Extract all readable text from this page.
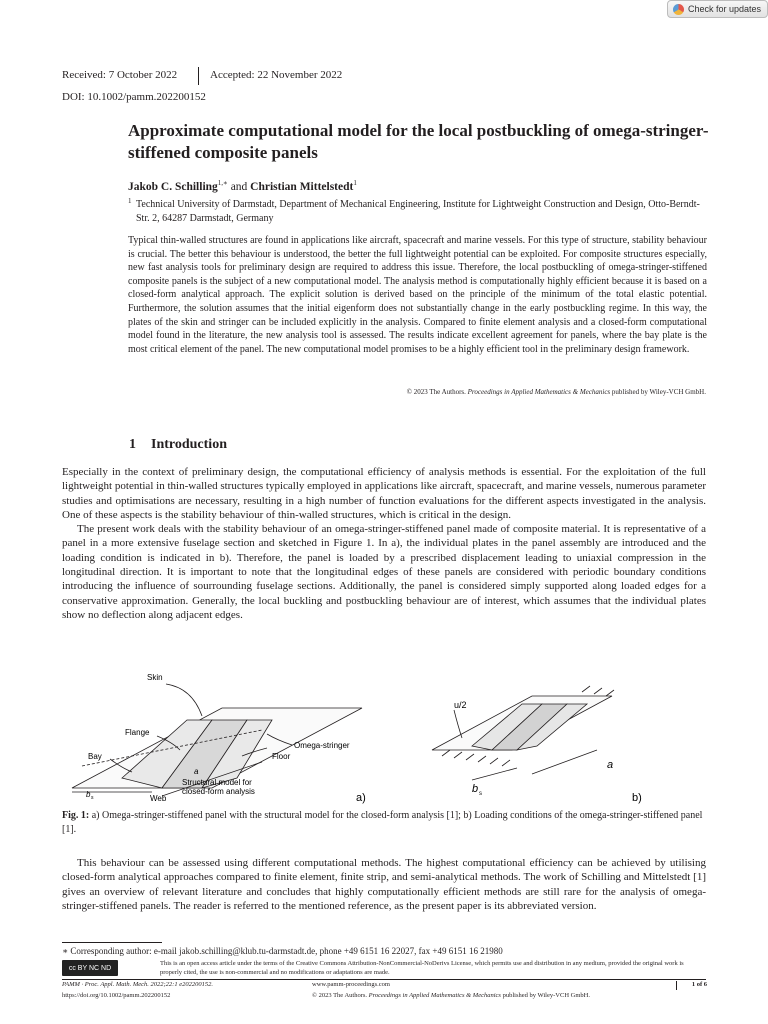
Check for updates
Received: 7 October 2022	Accepted: 22 November 2022
DOI: 10.1002/pamm.202200152
Approximate computational model for the local postbuckling of omega-stringer-stiffened composite panels
Jakob C. Schilling$^{1,∗}$ and Christian Mittelstedt$^1$
1 Technical University of Darmstadt, Department of Mechanical Engineering, Institute for Lightweight Construction and Design, Otto-Berndt-Str. 2, 64287 Darmstadt, Germany
Typical thin-walled structures are found in applications like aircraft, spacecraft and marine vessels. For this type of structure, stability behaviour is crucial. The better this behaviour is understood, the better the full lightweight potential can be exploited. For composite structures especially, new fast analysis tools for preliminary design are required to address this issue. Therefore, the local postbuckling of omega-stringer-stiffened composite panels is the subject of a new computational model. The analysis method is computationally highly efficient because it is based on a closed-form analytical approach. The explicit solution is derived based on the principle of the minimum of the total elastic potential. Furthermore, the solution assumes that the initial eigenform does not substantially change in the early postbuckling regime. In this way, the plates of the skin and stringer can be included explicitly in the analysis. Compared to finite element analysis and a closed-form computational model found in the literature, the new analysis tool is assessed. The results indicate excellent agreement for panels, where the bay plate is the most critical element of the panel. The new computational model promises to be a highly efficient tool in the preliminary design framework.
© 2023 The Authors. Proceedings in Applied Mathematics & Mechanics published by Wiley-VCH GmbH.
1 Introduction

Especially in the context of preliminary design, the computational efficiency of analysis methods is essential. For the exploitation of the full lightweight potential in thin-walled structures typically employed in applications like aircraft, spacecraft, and marine vessels, numerous parameter studies and optimisations are necessary, resulting in a high number of function evaluations for the different aspects investigated in the analysis. One of these aspects is the stability behaviour of thin-walled structures, which is critical in the design.

The present work deals with the stability behaviour of an omega-stringer-stiffened panel made of composite material. It is representative of a panel in a more extensive fuselage section and sketched in Figure 1. In a), the individual plates in the panel assembly are introduced and the loading condition is indicated in b). Therefore, the panel is loaded by a prescribed displacement leading to uniaxial compression in the longitudinal direction. It is important to note that the longitudinal edges of these panels are considered with periodic boundary conditions introducing the influence of sourrounding fuselage sections. Additionally, the panel is considered simply supported along loaded edges for a conservative approximation. Generally, the local buckling and postbuckling behaviour are of interest, which assumes that the individual plates show no deflection along adjacent edges.

Skin
Flange
Bay	Floor
Omega-stringer
a
Structural model for
closed-form analysis
Web
b s	a)
u/2
a
b s	b)
Fig. 1: a) Omega-stringer-stiffened panel with the structural model for the closed-form analysis [1]; b) Loading conditions of the omega-stringer-stiffened panel [1].

This behaviour can be assessed using different computational methods. The highest computational efficiency can be achieved by utilising closed-form analytical approaches compared to finite element, finite strip, and semi-analytical methods. The work of Schilling and Mittelstedt [1] gives an overview of relevant literature and concludes that highly computationally efficient methods are still rare for the analysis of omega-stringer-stiffened panels. The reader is referred to the mentioned reference, as the present paper is its abbreviated version.

∗ Corresponding author: e-mail jakob.schilling@klub.tu-darmstadt.de, phone +49 6151 16 22027, fax +49 6151 16 21980
cc BY NC ND
This is an open access article under the terms of the Creative Commons Attribution-NonCommercial-NoDerivs License, which permits use and distribution in any medium, provided the original work is properly cited, the use is non-commercial and no modifications or adaptations are made.
PAMM · Proc. Appl. Math. Mech. 2022;22:1 e202200152.	www.pamm-proceedings.com	1 of 6
https://doi.org/10.1002/pamm.202200152	© 2023 The Authors. Proceedings in Applied Mathematics & Mechanics published by Wiley-VCH GmbH.
